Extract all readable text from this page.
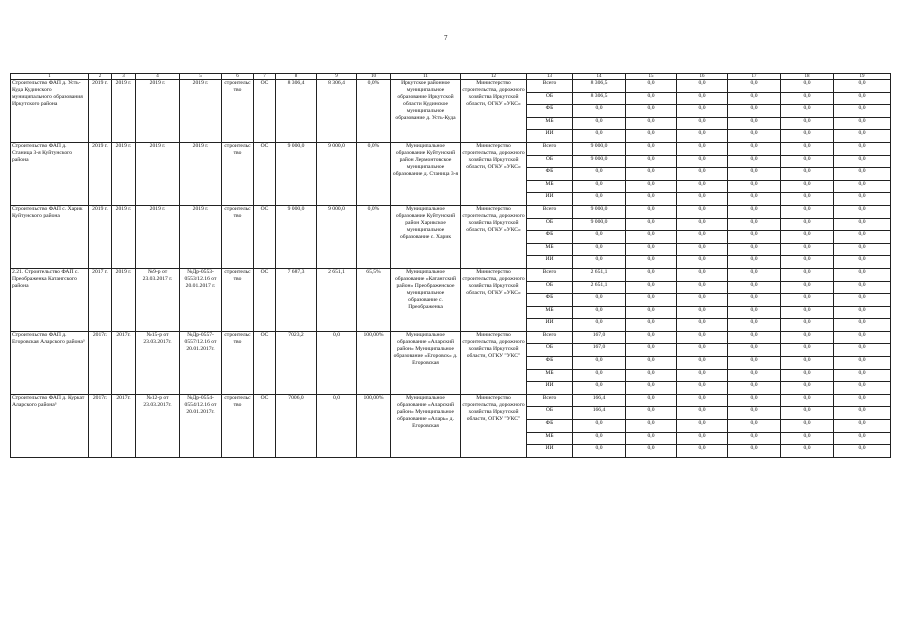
7
1	2	3	4	5	6	7	8	9	10	11	12	13	14	15	16	17	18	19
Строительство ФАП д. Усть-Куда Кудинского муниципального образования Иркутского района	2019 г.	2019 г.	2019 г.	2019 г.	строительс тво	ОС	8 306,4	8 306,4	0,0%	Иркутское районное муниципальное образование Иркутской области Кудинское муниципальное образование д. Усть-Куда	Министерство строительства, дорожного хозяйства Иркутской области, ОГКУ «УКС»	Всего	8 306,5	0,0	0,0	0,0	0,0	0,0
												ОБ	8 306,5	0,0	0,0	0,0	0,0	0,0
												ФБ	0,0	0,0	0,0	0,0	0,0	0,0
												МБ	0,0	0,0	0,0	0,0	0,0	0,0
												ИИ	0,0	0,0	0,0	0,0	0,0	0,0
Строительство ФАП д. Станица 3-я Куйтунского района	2019 г.	2019 г.	2019 г.	2019 г.	строительс тво	ОС	9 000,0	9 000,0	0,0%	Муниципальное образование Куйтунский район Лермонтовское муниципальное образование д. Станица 3-я	Министерство строительства, дорожного хозяйства Иркутской области, ОГКУ «УКС»	Всего	9 000,0	0,0	0,0	0,0	0,0	0,0
												ОБ	9 000,0	0,0	0,0	0,0	0,0	0,0
												ФБ	0,0	0,0	0,0	0,0	0,0	0,0
												МБ	0,0	0,0	0,0	0,0	0,0	0,0
												ИИ	0,0	0,0	0,0	0,0	0,0	0,0
Строительство ФАП с. Харик Куйтунского района	2019 г.	2019 г.	2019 г.	2019 г.	строительс тво	ОС	9 000,0	9 000,0	0,0%	Муниципальное образование Куйтунский район Харикское муниципальное образование с. Харик	Министерство строительства, дорожного хозяйства Иркутской области, ОГКУ «УКС»	Всего	9 000,0	0,0	0,0	0,0	0,0	0,0
												ОБ	9 000,0	0,0	0,0	0,0	0,0	0,0
												ФБ	0,0	0,0	0,0	0,0	0,0	0,0
												МБ	0,0	0,0	0,0	0,0	0,0	0,0
												ИИ	0,0	0,0	0,0	0,0	0,0	0,0
2.21. Строительство ФАП с. Преображенка Катангского района	2017 г.	2019 г.	№9-р от 23.03.2017 г.	№Др-0553-0553/12.16 от 20.01.2017 г.	строительс тво	ОС	7 687,3	2 651,1	65,5%	Муниципальное образование «Катангский район» Преображенское муниципальное образование с. Преображенка	Министерство строительства, дорожного хозяйства Иркутской области, ОГКУ «УКС»	Всего	2 651,1	0,0	0,0	0,0	0,0	0,0
												ОБ	2 651,1	0,0	0,0	0,0	0,0	0,0
												ФБ	0,0	0,0	0,0	0,0	0,0	0,0
												МБ	0,0	0,0	0,0	0,0	0,0	0,0
												ИИ	0,0	0,0	0,0	0,0	0,0	0,0
Строительство ФАП д. Егоровская Аларского района³	2017г.	2017г.	№15-р от 23.03.2017г.	№Др-0557-0557/12.16 от 20.01.2017г.	строительс тво	ОС	7023,2	0,0	100,00%	Муниципальное образование «Аларский район» Муниципальное образование «Егоровск» д. Егоровская	Министерство строительства, дорожного хозяйства Иркутской области, ОГКУ "УКС"	Всего	167,0	0,0	0,0	0,0	0,0	0,0
												ОБ	167,0	0,0	0,0	0,0	0,0	0,0
												ФБ	0,0	0,0	0,0	0,0	0,0	0,0
												МБ	0,0	0,0	0,0	0,0	0,0	0,0
												ИИ	0,0	0,0	0,0	0,0	0,0	0,0
Строительство ФАП д. Куркат Аларского района³	2017г.	2017г.	№12-р от 23.03.2017г.	№Др-0554-0554/12.16 от 20.01.2017г.	строительс тво	ОС	7006,0	0,0	100,00%	Муниципальное образование «Аларский район» Муниципальное образование «Аларь» д. Егоровская	Министерство строительства, дорожного хозяйства Иркутской области, ОГКУ "УКС"	Всего	166,4	0,0	0,0	0,0	0,0	0,0
												ОБ	166,4	0,0	0,0	0,0	0,0	0,0
												ФБ	0,0	0,0	0,0	0,0	0,0	0,0
												МБ	0,0	0,0	0,0	0,0	0,0	0,0
												ИИ	0,0	0,0	0,0	0,0	0,0	0,0
